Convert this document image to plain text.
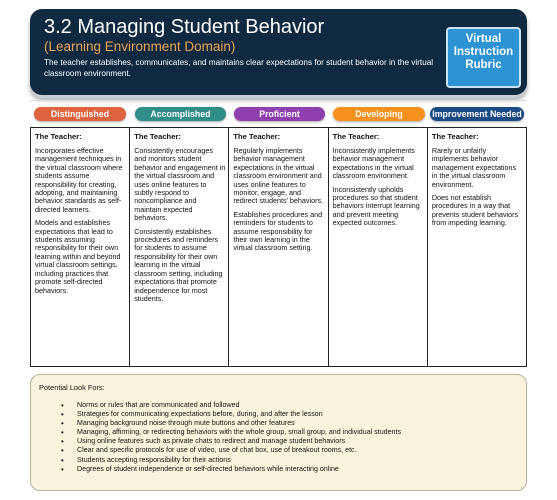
3.2 Managing Student Behavior
(Learning Environment Domain)
The teacher establishes, communicates, and maintains clear expectations for student behavior in the virtual classroom environment.
Virtual
Instruction
Rubric
Distinguished	Accomplished	Proficient	Developing	Improvement Needed
The Teacher:
Incorporates effective management techniques in the virtual classroom where students assume responsibility for creating, adopting, and maintaining behavior standards as self-directed learners.
Models and establishes expectations that lead to students assuming responsibility for their own learning within and beyond virtual classroom settings, including practices that promote self-directed behaviors.
The Teacher:
Consistently encourages and monitors student behavior and engagement in the virtual classroom and uses online features to subtly respond to noncompliance and maintain expected behaviors.
Consistently establishes procedures and reminders for students to assume responsibility for their own learning in the virtual classroom setting, including expectations that promote independence for most students.
The Teacher:
Regularly implements behavior management expectations in the virtual classroom environment and uses online features to monitor, engage, and redirect students' behaviors.
Establishes procedures and reminders for students to assume responsibility for their own learning in the virtual classroom setting.
The Teacher:
Inconsistently implements behavior management expectations in the virtual classroom environment.
Inconsistently upholds procedures so that student behaviors interrupt learning and prevent meeting expected outcomes.
The Teacher:
Rarely or unfairly implements behavior management expectations in the virtual classroom environment.
Does not establish procedures in a way that prevents student behaviors from impeding learning.
Potential Look Fors:
• Norms or rules that are communicated and followed
• Strategies for communicating expectations before, during, and after the lesson
• Managing background noise through mute buttons and other features
• Managing, affirming, or redirecting behaviors with the whole group, small group, and individual students
• Using online features such as private chats to redirect and manage student behaviors
• Clear and specific protocols for use of video, use of chat box, use of breakout rooms, etc.
• Students accepting responsibility for their actions
• Degrees of student independence or self-directed behaviors while interacting online
